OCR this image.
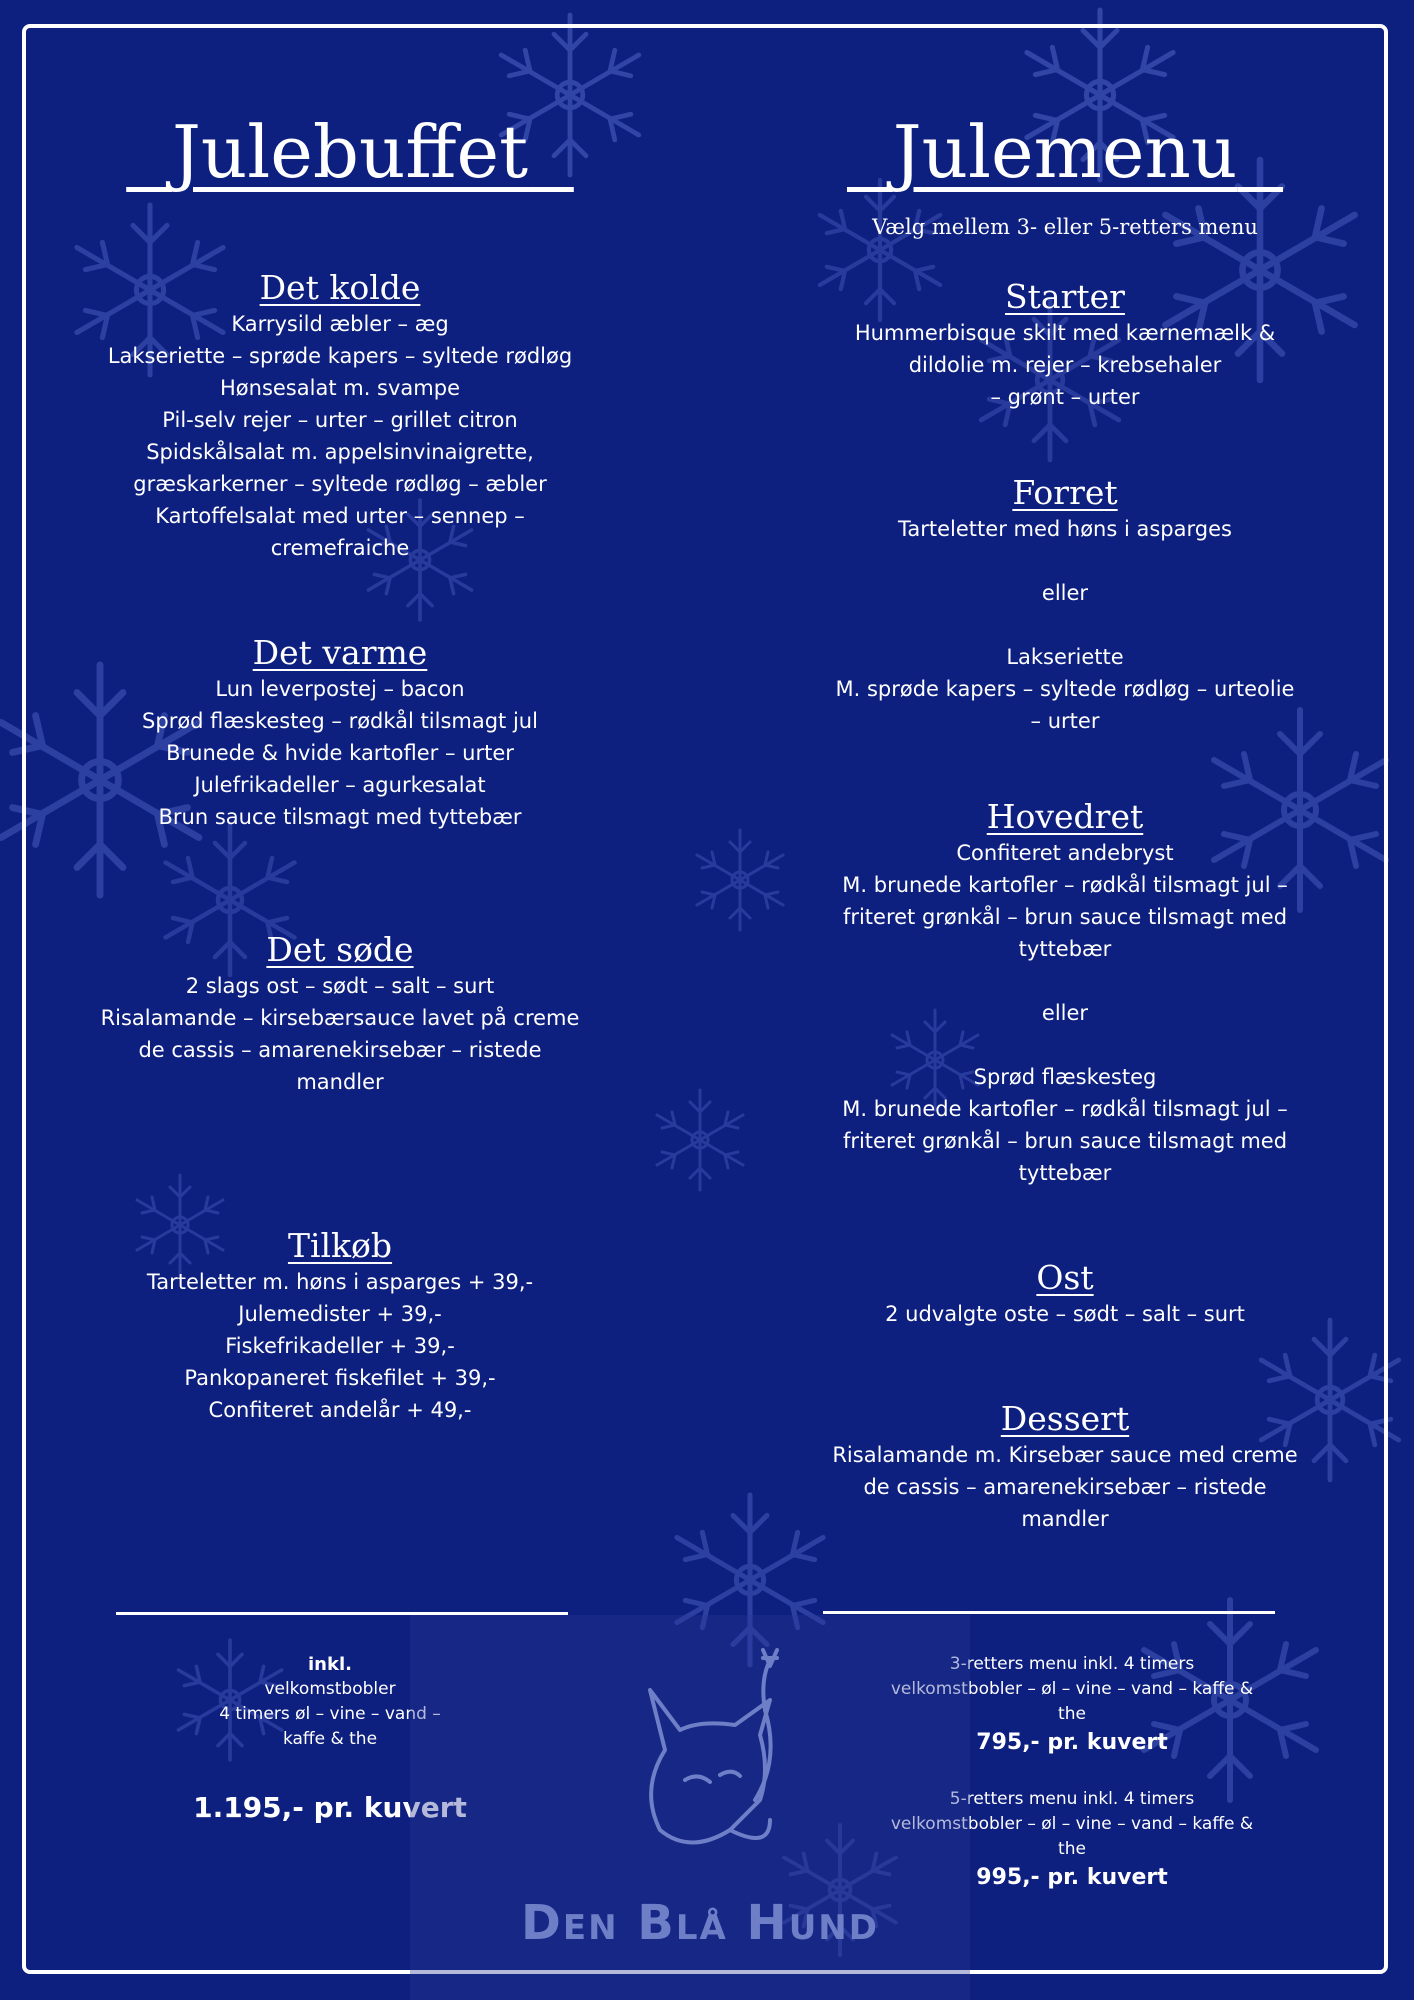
Julebuffet
Det kolde
Karrysild æbler – æg
Lakseriette – sprøde kapers – syltede rødløg
Hønsesalat m. svampe
Pil-selv rejer – urter – grillet citron
Spidskålsalat m. appelsinvinaigrette,
græskarkerner – syltede rødløg – æbler
Kartoffelsalat med urter – sennep –
cremefraiche
Det varme
Lun leverpostej – bacon
Sprød flæskesteg – rødkål tilsmagt jul
Brunede & hvide kartofler – urter
Julefrikadeller – agurkesalat
Brun sauce tilsmagt med tyttebær
Det søde
2 slags ost – sødt – salt – surt
Risalamande – kirsebærsauce lavet på creme
de cassis – amarenekirsebær – ristede
mandler
Tilkøb
Tarteletter m. høns i asparges + 39,-
Julemedister + 39,-
Fiskefrikadeller + 39,-
Pankopaneret fiskefilet + 39,-
Confiteret andelår + 49,-
inkl.
velkomstbobler
4 timers øl – vine – vand –
kaffe & the
1.195,- pr. kuvert
Julemenu
Vælg mellem 3- eller 5-retters menu
Starter
Hummerbisque skilt med kærnemælk &
dildolie m. rejer – krebsehaler
– grønt – urter
Forret
Tarteletter med høns i asparges
eller
Lakseriette
M. sprøde kapers – syltede rødløg – urteolie
– urter
Hovedret
Confiteret andebryst
M. brunede kartofler – rødkål tilsmagt jul –
friteret grønkål – brun sauce tilsmagt med
tyttebær
eller
Sprød flæskesteg
M. brunede kartofler – rødkål tilsmagt jul –
friteret grønkål – brun sauce tilsmagt med
tyttebær
Ost
2 udvalgte oste – sødt – salt – surt
Dessert
Risalamande m. Kirsebær sauce med creme
de cassis – amarenekirsebær – ristede
mandler
3-retters menu inkl. 4 timers
velkomstbobler – øl – vine – vand – kaffe &
the
795,- pr. kuvert
5-retters menu inkl. 4 timers
velkomstbobler – øl – vine – vand – kaffe &
the
995,- pr. kuvert
Den Blå Hund
